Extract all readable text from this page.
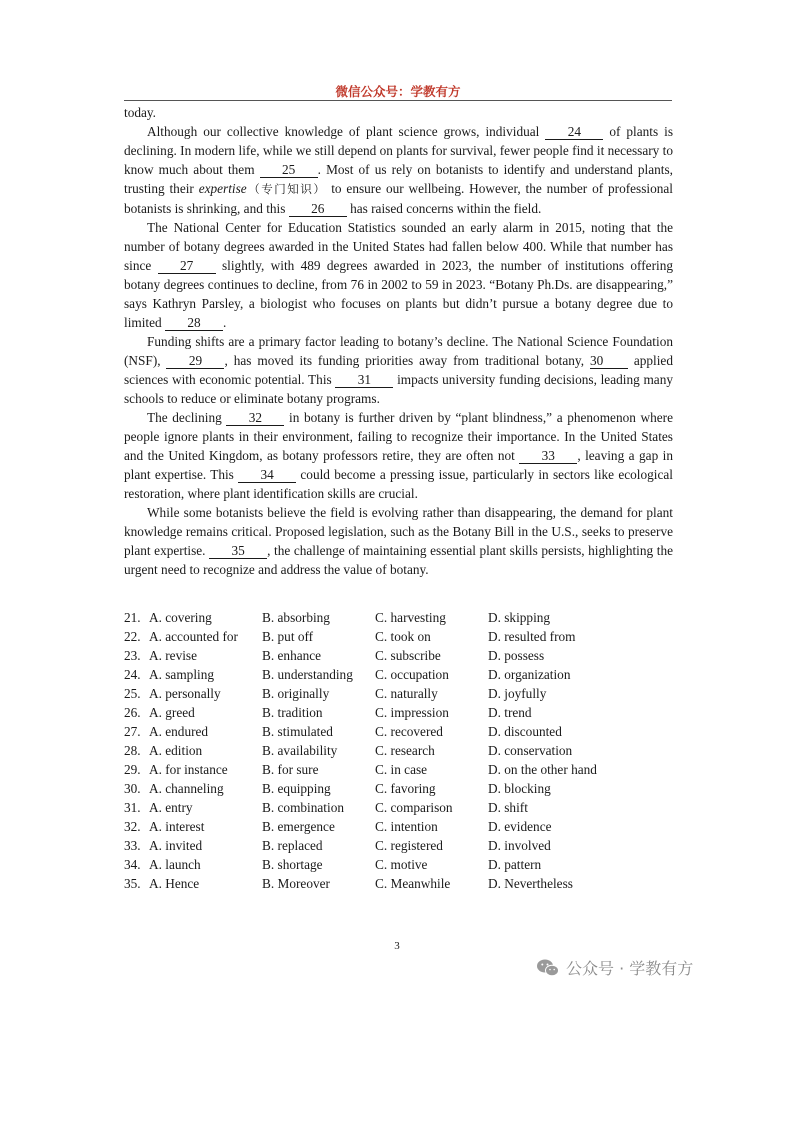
微信公众号：学教有方

today.

Although our collective knowledge of plant science grows, individual 24 of plants is declining. In modern life, while we still depend on plants for survival, fewer people find it necessary to know much about them 25 . Most of us rely on botanists to identify and understand plants, trusting their expertise（专门知识） to ensure our wellbeing. However, the number of professional botanists is shrinking, and this 26 has raised concerns within the field.

The National Center for Education Statistics sounded an early alarm in 2015, noting that the number of botany degrees awarded in the United States had fallen below 400. While that number has since 27 slightly, with 489 degrees awarded in 2023, the number of institutions offering botany degrees continues to decline, from 76 in 2002 to 59 in 2023. “Botany Ph.Ds. are disappearing,” says Kathryn Parsley, a biologist who focuses on plants but didn’t pursue a botany degree due to limited 28 .

Funding shifts are a primary factor leading to botany’s decline. The National Science Foundation (NSF), 29 , has moved its funding priorities away from traditional botany, 30 applied sciences with economic potential. This 31 impacts university funding decisions, leading many schools to reduce or eliminate botany programs.

The declining 32 in botany is further driven by “plant blindness,” a phenomenon where people ignore plants in their environment, failing to recognize their importance. In the United States and the United Kingdom, as botany professors retire, they are often not 33 , leaving a gap in plant expertise. This 34 could become a pressing issue, particularly in sectors like ecological restoration, where plant identification skills are crucial.

While some botanists believe the field is evolving rather than disappearing, the demand for plant knowledge remains critical. Proposed legislation, such as the Botany Bill in the U.S., seeks to preserve plant expertise. 35 , the challenge of maintaining essential plant skills persists, highlighting the urgent need to recognize and address the value of botany.

21. A. covering	B. absorbing	C. harvesting	D. skipping
22. A. accounted for	B. put off	C. took on	D. resulted from
23. A. revise	B. enhance	C. subscribe	D. possess
24. A. sampling	B. understanding	C. occupation	D. organization
25. A. personally	B. originally	C. naturally	D. joyfully
26. A. greed	B. tradition	C. impression	D. trend
27. A. endured	B. stimulated	C. recovered	D. discounted
28. A. edition	B. availability	C. research	D. conservation
29. A. for instance	B. for sure	C. in case	D. on the other hand
30. A. channeling	B. equipping	C. favoring	D. blocking
31. A. entry	B. combination	C. comparison	D. shift
32. A. interest	B. emergence	C. intention	D. evidence
33. A. invited	B. replaced	C. registered	D. involved
34. A. launch	B. shortage	C. motive	D. pattern
35. A. Hence	B. Moreover	C. Meanwhile	D. Nevertheless
3
公众号 · 学教有方
